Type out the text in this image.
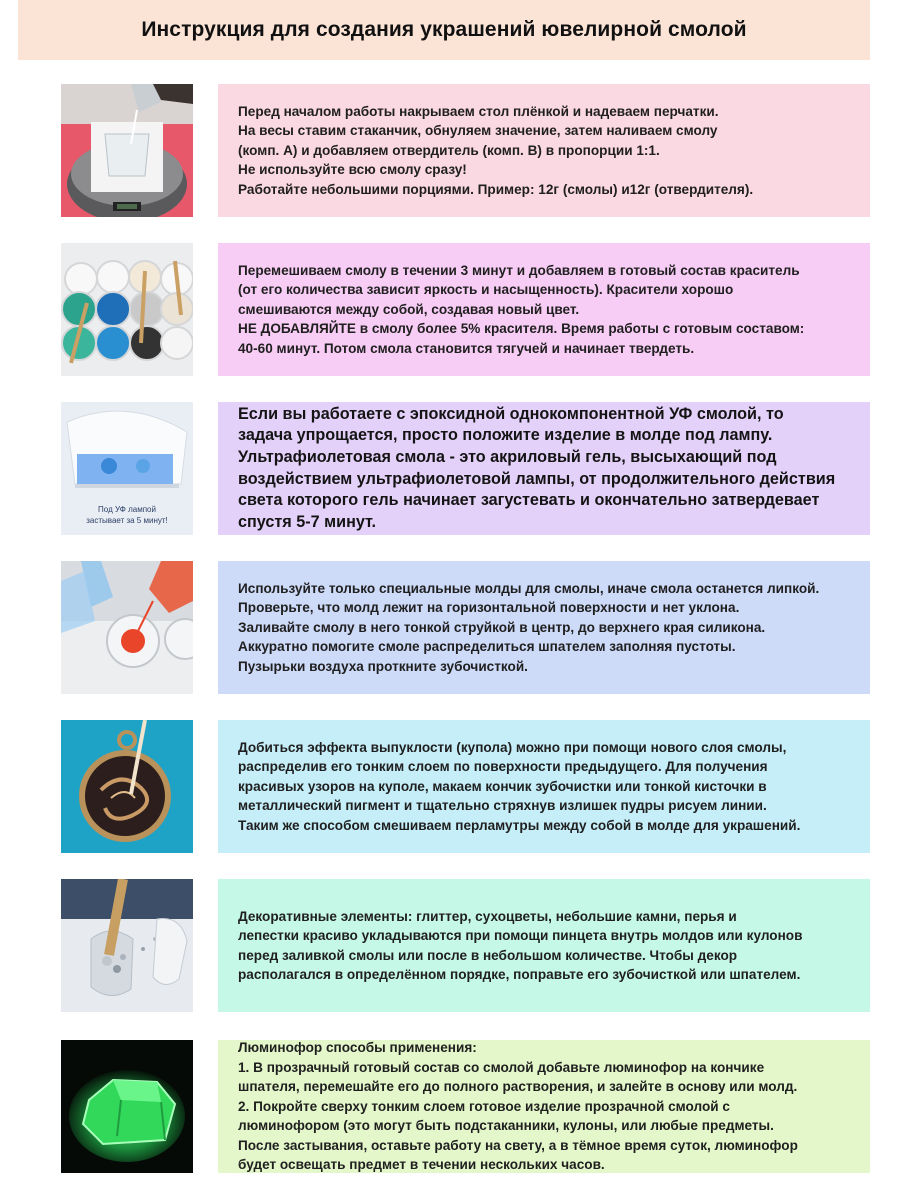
Инструкция для создания украшений ювелирной смолой
Перед началом работы накрываем стол плёнкой и надеваем перчатки.
На весы ставим стаканчик, обнуляем значение, затем наливаем смолу
(комп. А) и добавляем отвердитель (комп. В) в пропорции 1:1.
Не используйте всю смолу сразу!
Работайте небольшими порциями. Пример: 12г (смолы) и12г (отвердителя).
Перемешиваем смолу в течении 3 минут и добавляем в готовый состав краситель
(от его количества зависит яркость и насыщенность). Красители хорошо
смешиваются между собой, создавая новый цвет.
НЕ ДОБАВЛЯЙТЕ в смолу более 5% красителя. Время работы с готовым составом:
40-60 минут. Потом смола становится тягучей и начинает твердеть.
Под УФ лампой
застывает за 5 минут!
Если вы работаете с эпоксидной однокомпонентной УФ смолой, то
задача упрощается, просто положите изделие в молде под лампу.
Ультрафиолетовая смола - это акриловый гель, высыхающий под
воздействием ультрафиолетовой лампы, от продолжительного действия
света которого гель начинает загустевать и окончательно затвердевает
спустя 5-7 минут.
Используйте только специальные молды для смолы, иначе смола останется липкой.
Проверьте, что молд лежит на горизонтальной поверхности и нет уклона.
Заливайте смолу в него тонкой струйкой в центр, до верхнего края силикона.
Аккуратно помогите смоле распределиться шпателем заполняя пустоты.
Пузырьки воздуха проткните зубочисткой.
Добиться эффекта выпуклости (купола) можно при помощи нового слоя смолы,
распределив его тонким слоем по поверхности предыдущего. Для получения
красивых узоров на куполе, макаем кончик зубочистки или тонкой кисточки в
металлический пигмент и тщательно стряхнув излишек пудры рисуем линии.
Таким же способом смешиваем перламутры между собой в молде для украшений.
Декоративные элементы: глиттер, сухоцветы, небольшие камни, перья и
лепестки красиво укладываются при помощи пинцета внутрь молдов или кулонов
перед заливкой смолы или после в небольшом количестве. Чтобы декор
располагался в определённом порядке, поправьте его зубочисткой или шпателем.
Люминофор способы применения:
1. В прозрачный готовый состав со смолой добавьте люминофор на кончике
шпателя, перемешайте его до полного растворения, и залейте в основу или молд.
2. Покройте сверху тонким слоем готовое изделие прозрачной смолой с
люминофором (это могут быть подстаканники, кулоны, или любые предметы.
После застывания, оставьте работу на свету, а в тёмное время суток, люминофор
будет освещать предмет в течении нескольких часов.
